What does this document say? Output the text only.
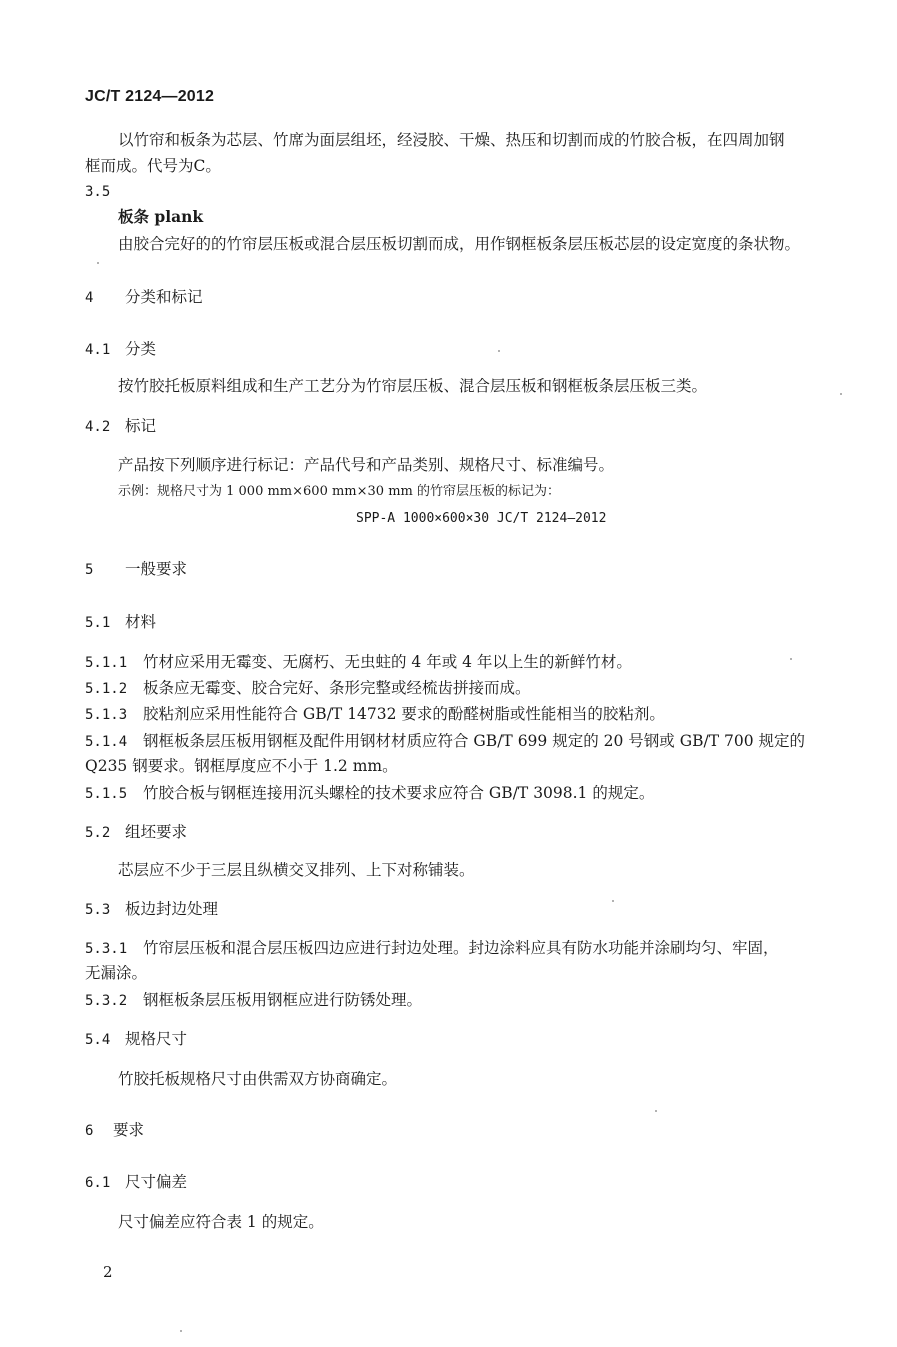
JC/T 2124—2012
以竹帘和板条为芯层、竹席为面层组坯，经浸胶、干燥、热压和切割而成的竹胶合板，在四周加钢
框而成。代号为C。
3.5
板条 plank
由胶合完好的的竹帘层压板或混合层压板切割而成，用作钢框板条层压板芯层的设定宽度的条状物。
4 分类和标记
4.1 分类
按竹胶托板原料组成和生产工艺分为竹帘层压板、混合层压板和钢框板条层压板三类。
4.2 标记
产品按下列顺序进行标记：产品代号和产品类别、规格尺寸、标准编号。
示例：规格尺寸为 1 000 mm×600 mm×30 mm 的竹帘层压板的标记为：
SPP-A 1000×600×30 JC/T 2124—2012
5 一般要求
5.1 材料
5.1.1 竹材应采用无霉变、无腐朽、无虫蛀的 4 年或 4 年以上生的新鲜竹材。
5.1.2 板条应无霉变、胶合完好、条形完整或经梳齿拼接而成。
5.1.3 胶粘剂应采用性能符合 GB/T 14732 要求的酚醛树脂或性能相当的胶粘剂。
5.1.4 钢框板条层压板用钢框及配件用钢材材质应符合 GB/T 699 规定的 20 号钢或 GB/T 700 规定的
Q235 钢要求。钢框厚度应不小于 1.2 mm。
5.1.5 竹胶合板与钢框连接用沉头螺栓的技术要求应符合 GB/T 3098.1 的规定。
5.2 组坯要求
芯层应不少于三层且纵横交叉排列、上下对称铺装。
5.3 板边封边处理
5.3.1 竹帘层压板和混合层压板四边应进行封边处理。封边涂料应具有防水功能并涂刷均匀、牢固，
无漏涂。
5.3.2 钢框板条层压板用钢框应进行防锈处理。
5.4 规格尺寸
竹胶托板规格尺寸由供需双方协商确定。
6 要求
6.1 尺寸偏差
尺寸偏差应符合表 1 的规定。
2
